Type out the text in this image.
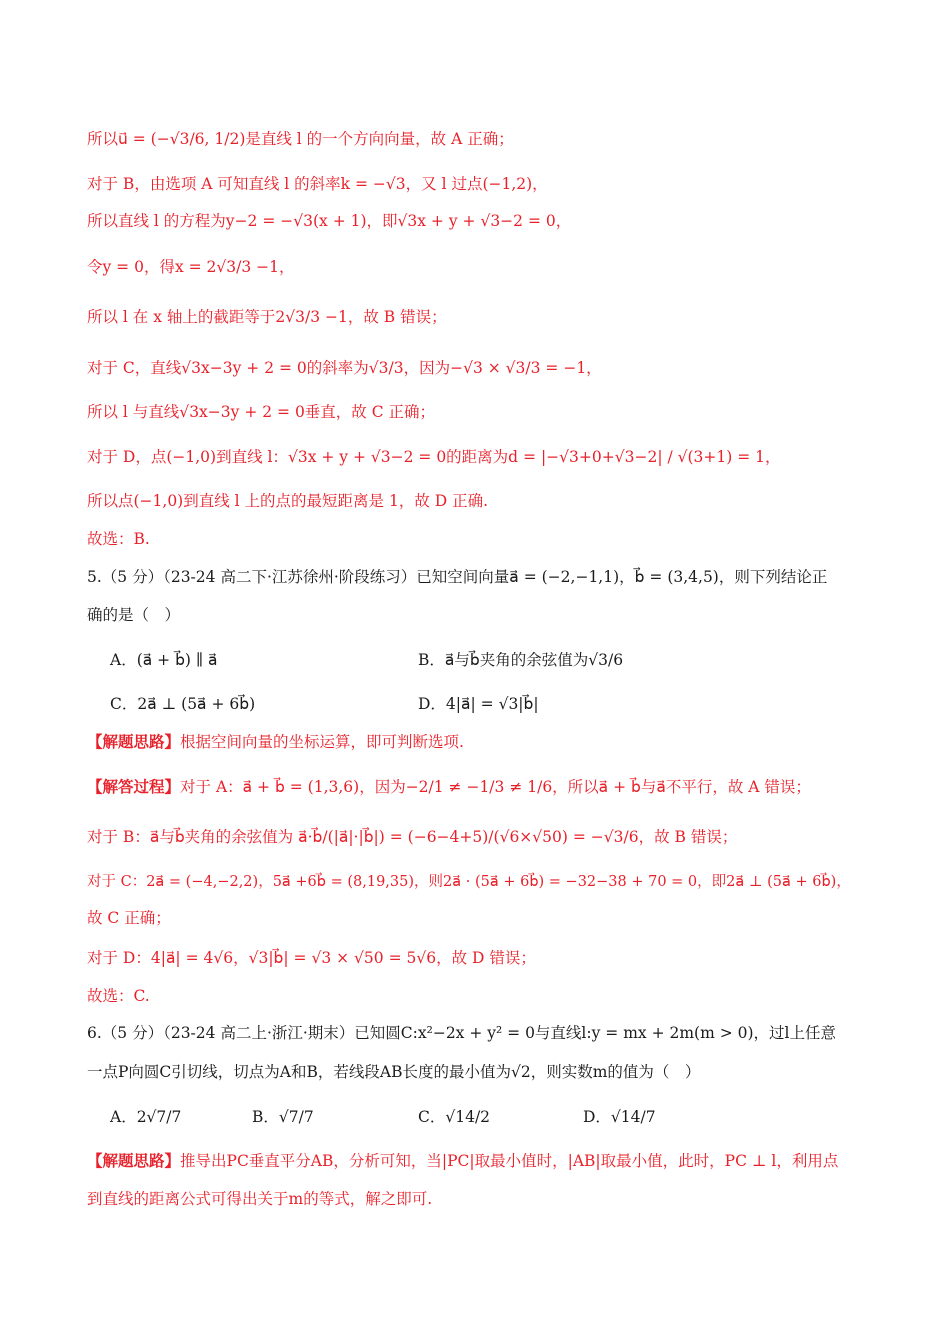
所以u⃗ = (−√3/6, 1/2)是直线 l 的一个方向向量，故 A 正确；
对于 B，由选项 A 可知直线 l 的斜率k = −√3，又 l 过点(−1,2)，
所以直线 l 的方程为y−2 = −√3(x + 1)，即√3x + y + √3−2 = 0，
令y = 0，得x = 2√3/3 −1，
所以 l 在 x 轴上的截距等于2√3/3 −1，故 B 错误；
对于 C，直线√3x−3y + 2 = 0的斜率为√3/3，因为−√3 × √3/3 = −1，
所以 l 与直线√3x−3y + 2 = 0垂直，故 C 正确；
对于 D，点(−1,0)到直线 l：√3x + y + √3−2 = 0的距离为d = |−√3+0+√3−2| / √(3+1) = 1，
所以点(−1,0)到直线 l 上的点的最短距离是 1，故 D 正确.
故选：B.
5.（5 分）（23-24 高二下·江苏徐州·阶段练习）已知空间向量a⃗ = (−2,−1,1)，b⃗ = (3,4,5)，则下列结论正
确的是（　）
A．(a⃗ + b⃗) ∥ a⃗	B．a⃗与b⃗夹角的余弦值为√3/6
C．2a⃗ ⊥ (5a⃗ + 6b⃗)	D．4|a⃗| = √3|b⃗|
【解题思路】根据空间向量的坐标运算，即可判断选项.
【解答过程】对于 A：a⃗ + b⃗ = (1,3,6)，因为−2/1 ≠ −1/3 ≠ 1/6，所以a⃗ + b⃗与a⃗不平行，故 A 错误；
对于 B：a⃗与b⃗夹角的余弦值为 a⃗·b⃗/(|a⃗|·|b⃗|) = (−6−4+5)/(√6×√50) = −√3/6，故 B 错误；
对于 C：2a⃗ = (−4,−2,2)，5a⃗ +6b⃗ = (8,19,35)，则2a⃗ · (5a⃗ + 6b⃗) = −32−38 + 70 = 0，即2a⃗ ⊥ (5a⃗ + 6b⃗)，
故 C 正确；
对于 D：4|a⃗| = 4√6，√3|b⃗| = √3 × √50 = 5√6，故 D 错误；
故选：C.
6.（5 分）（23-24 高二上·浙江·期末）已知圆C:x²−2x + y² = 0与直线l:y = mx + 2m(m > 0)，过l上任意
一点P向圆C引切线，切点为A和B，若线段AB长度的最小值为√2，则实数m的值为（　）
A．2√7/7	B．√7/7	C．√14/2	D．√14/7
【解题思路】推导出PC垂直平分AB，分析可知，当|PC|取最小值时，|AB|取最小值，此时，PC ⊥ l，利用点
到直线的距离公式可得出关于m的等式，解之即可.
